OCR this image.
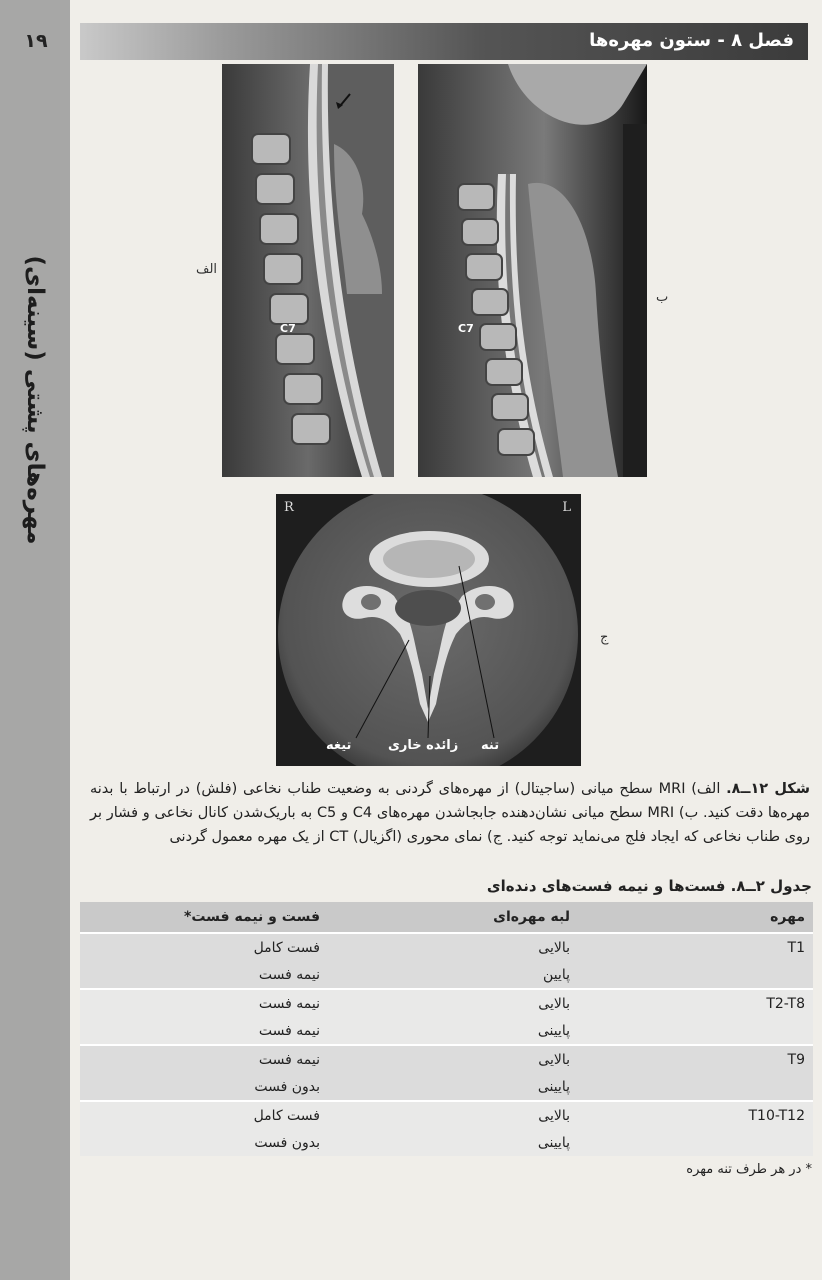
۱۹
مهره‌های پشتی (سینه‌ای)
فصل ۸ - ستون مهره‌ها
C7
الف
C7
ب
R	L
تنه
زائده خاری
تیغه
ج
شکل ۱۲ــ۸. الف) MRI سطح میانی (ساجیتال) از مهره‌های گردنی به وضعیت طناب نخاعی (فلش) در ارتباط با بدنه مهره‌ها دقت کنید. ب) MRI سطح میانی نشان‌دهنده جابجاشدن مهره‌های C4 و C5 به باریک‌شدن کانال نخاعی و فشار بر روی طناب نخاعی که ایجاد فلج می‌نماید توجه کنید. ج) نمای محوری (اگزیال) CT از یک مهره معمول گردنی
جدول ۲ــ۸. فست‌ها و نیمه فست‌های دنده‌ای
مهره
لبه مهره‌ای
فست و نیمه فست*
T1
بالایی
فست کامل
پایین
نیمه فست
T2-T8
بالایی
نیمه فست
پایینی
نیمه فست
T9
بالایی
نیمه فست
پایینی
بدون فست
T10-T12
بالایی
فست کامل
پایینی
بدون فست
* در هر طرف تنه مهره
